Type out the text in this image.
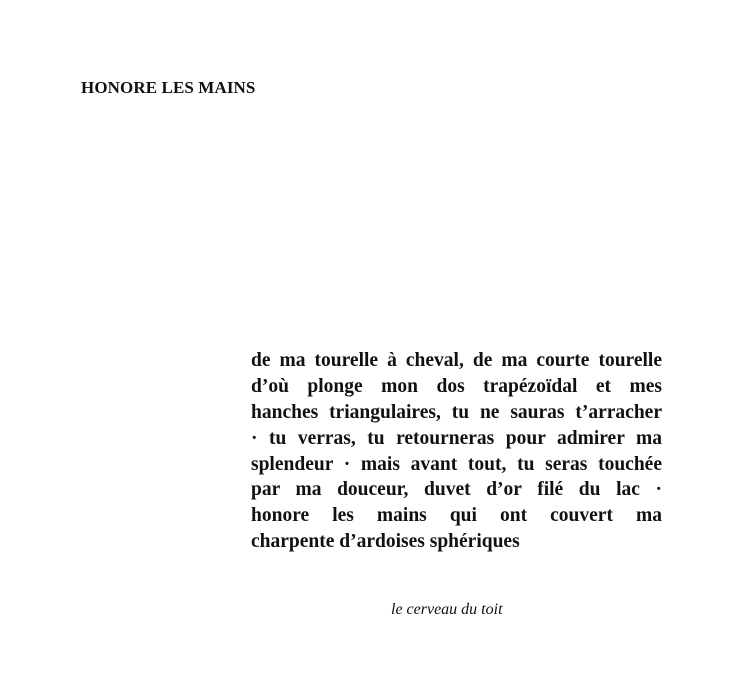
HONORE LES MAINS
de ma tourelle à cheval, de ma courte tourelle
d’où plonge mon dos trapézoïdal et mes
hanches triangulaires, tu ne sauras t’arracher
· tu verras, tu retourneras pour admirer ma
splendeur · mais avant tout, tu seras touchée
par ma douceur, duvet d’or filé du lac ·
honore les mains qui ont couvert ma
charpente d’ardoises sphériques
le cerveau du toit
